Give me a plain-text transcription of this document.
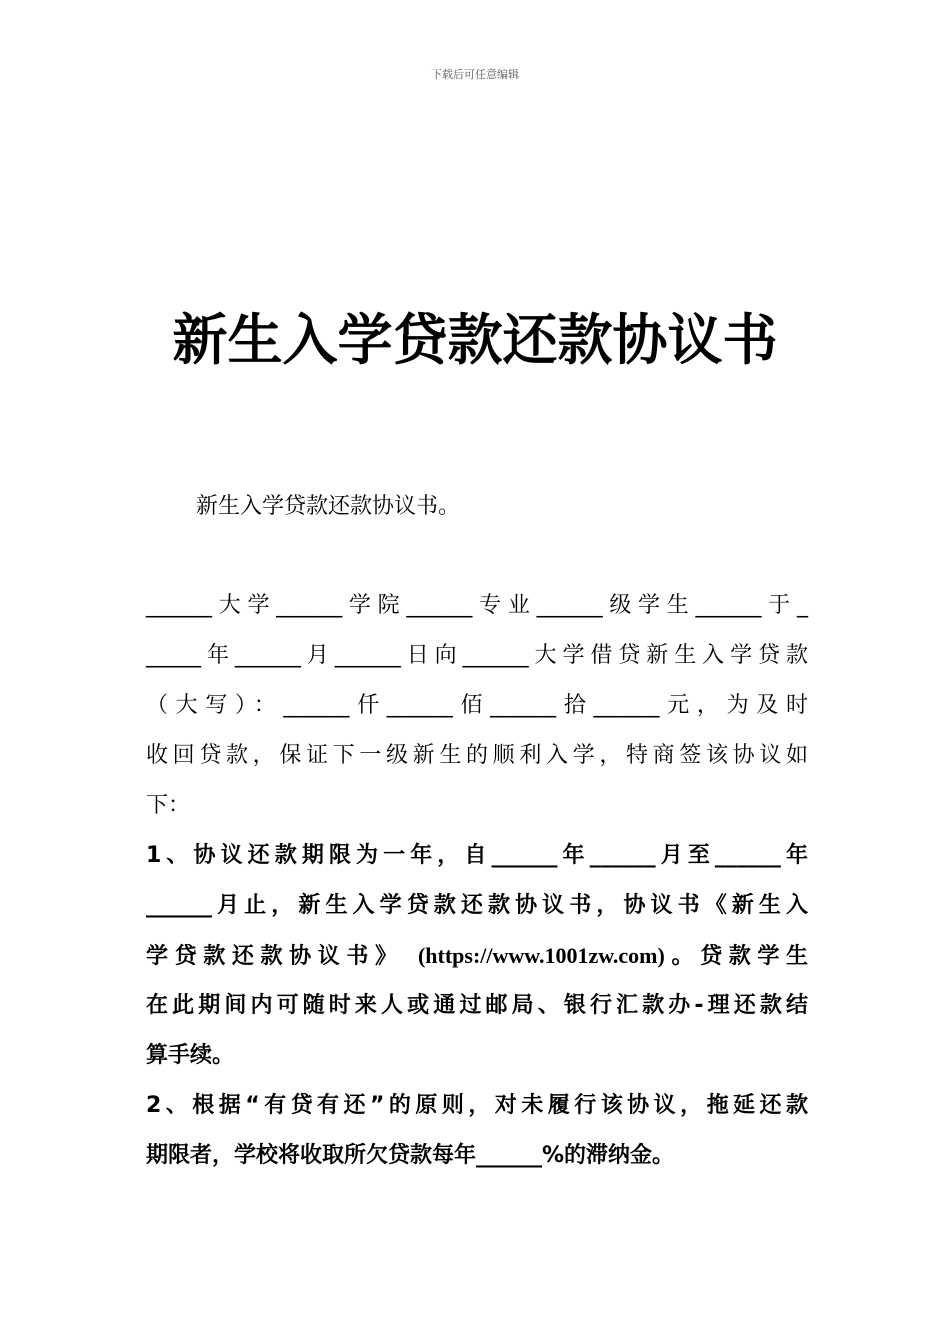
下载后可任意编辑
新生入学贷款还款协议书
新生入学贷款还款协议书。
______大学______学院______专业______级学生______于_
_____年______月______日向______大学借贷新生入学贷款
（大写）：______仟______佰______拾______元，为及时
收回贷款，保证下一级新生的顺利入学，特商签该协议如
下：
1、协议还款期限为一年，自______年______月至______年
______月止，新生入学贷款还款协议书，协议书《新生入
学贷款还款协议书》 (https://www.1001zw.com)。贷款学生
在此期间内可随时来人或通过邮局、银行汇款办-理还款结
算手续。
2、根据“有贷有还”的原则，对未履行该协议，拖延还款
期限者，学校将收取所欠贷款每年______%的滞纳金。
